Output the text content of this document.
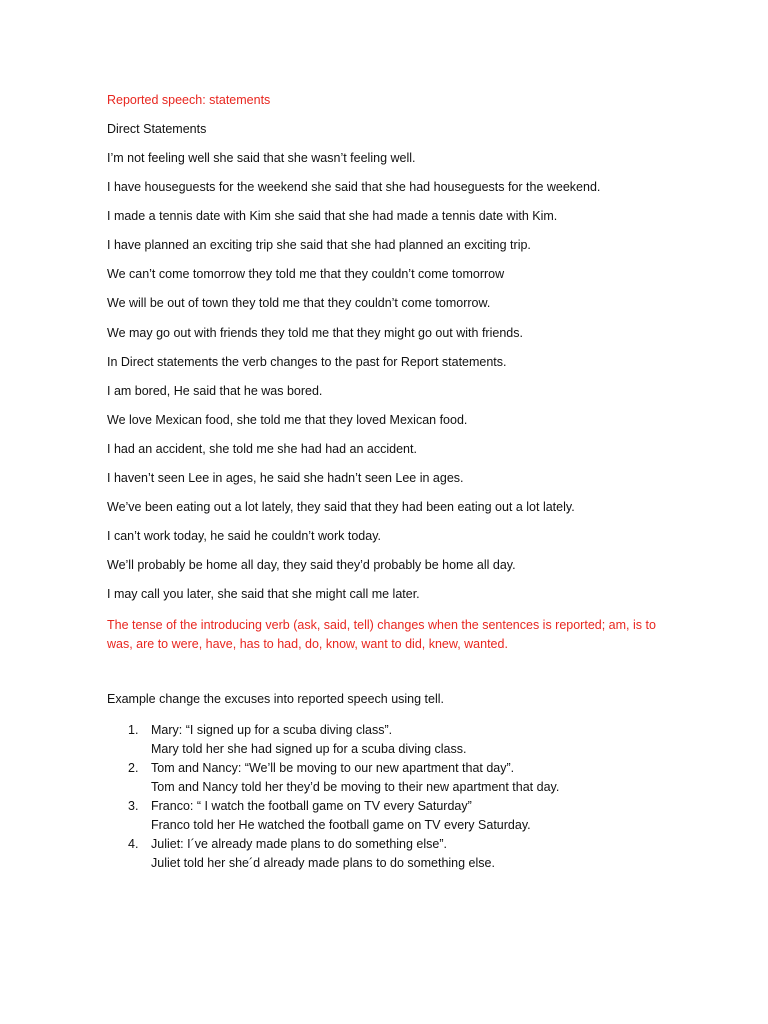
Reported speech: statements
Direct Statements
I’m not feeling well she said that she wasn’t feeling well.
I have houseguests for the weekend she said that she had houseguests for the weekend.
I made a tennis date with Kim she said that she had made a tennis date with Kim.
I have planned an exciting trip she said that she had planned an exciting trip.
We can’t come tomorrow they told me that they couldn’t come tomorrow
We will be out of town they told me that they couldn’t come tomorrow.
We may go out with friends they told me that they might go out with friends.
In Direct statements the verb changes to the past for Report statements.
I am bored, He said that he was bored.
We love Mexican food, she told me that they loved Mexican food.
I had an accident, she told me she had had an accident.
I haven’t seen Lee in ages, he said she hadn’t seen Lee in ages.
We’ve been eating out a lot lately, they said that they had been eating out a lot lately.
I can’t work today, he said he couldn’t work today.
We’ll probably be home all day, they said they’d probably be home all day.
I may call you later, she said that she might call me later.
The tense of the introducing verb (ask, said, tell) changes when the sentences is reported; am, is to was, are to were, have, has to had, do, know, want to did, knew, wanted.
Example change the excuses into reported speech using tell.
1. Mary: “I signed up for a scuba diving class”.
Mary told her she had signed up for a scuba diving class.
2. Tom and Nancy: “We’ll be moving to our new apartment that day”.
Tom and Nancy told her they’d be moving to their new apartment that day.
3. Franco: “ I watch the football game on TV every Saturday”
Franco told her He watched the football game on TV every Saturday.
4. Juliet: I´ve already made plans to do something else”.
Juliet told her she´d already made plans to do something else.
